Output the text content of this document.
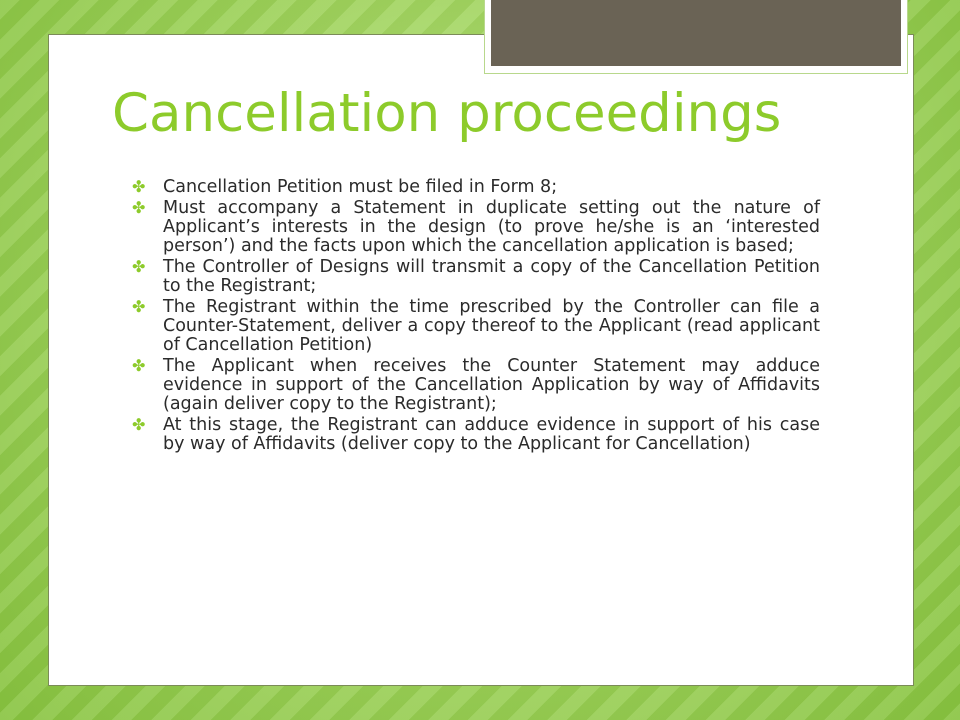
Cancellation proceedings
✤ Cancellation Petition must be filed in Form 8;
✤ Must accompany a Statement in duplicate setting out the nature of Applicant’s interests in the design (to prove he/she is an ‘interested person’) and the facts upon which the cancellation application is based;
✤ The Controller of Designs will transmit a copy of the Cancellation Petition to the Registrant;
✤ The Registrant within the time prescribed by the Controller can file a Counter-Statement, deliver a copy thereof to the Applicant (read applicant of Cancellation Petition)
✤ The Applicant when receives the Counter Statement may adduce evidence in support of the Cancellation Application by way of Affidavits (again deliver copy to the Registrant);
✤ At this stage, the Registrant can adduce evidence in support of his case by way of Affidavits (deliver copy to the Applicant for Cancellation)
